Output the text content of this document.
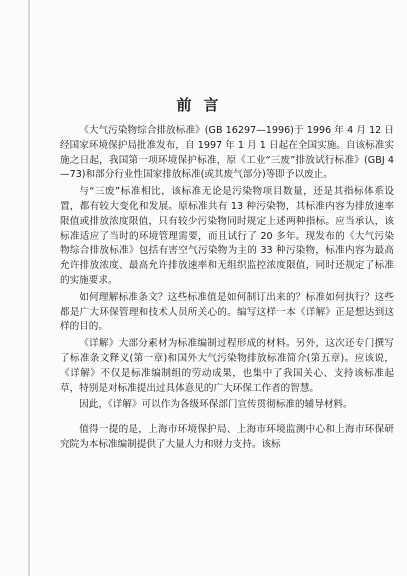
前言

《大气污染物综合排放标准》(GB 16297—1996)于 1996 年 4 月 12 日经国家环境保护局批准发布，自 1997 年 1 月 1 日起在全国实施。自该标准实施之日起，我国第一项环境保护标准，原《工业“三废”排放试行标准》(GBJ 4—73)和部分行业性国家排放标准(或其废气部分)等即予以废止。

与“三废”标准相比，该标准无论是污染物项目数量，还是其指标体系设置，都有较大变化和发展。原标准共有 13 种污染物，其标准内容为排放速率限值或排放浓度限值，只有较少污染物同时规定上述两种指标。应当承认，该标准适应了当时的环境管理需要，而且试行了 20 多年。现发布的《大气污染物综合排放标准》包括有害空气污染物为主的 33 种污染物，标准内容为最高允许排放浓度、最高允许排放速率和无组织监控浓度限值，同时还规定了标准的实施要求。

如何理解标准条文？这些标准值是如何制订出来的？标准如何执行？这些都是广大环保管理和技术人员所关心的。编写这样一本《详解》正是想达到这样的目的。

《详解》大部分素材为标准编制过程形成的材料。另外，这次还专门撰写了标准条文释义(第一章)和国外大气污染物排放标准简介(第五章)。应该说，《详解》不仅是标准编制组的劳动成果，也集中了我国关心、支持该标准起草，特别是对标准提出过具体意见的广大环保工作者的智慧。

因此，《详解》可以作为各级环保部门宣传贯彻标准的辅导材料。

值得一提的是，上海市环境保护局、上海市环境监测中心和上海市环保研究院为本标准编制提供了大量人力和财力支持。该标
